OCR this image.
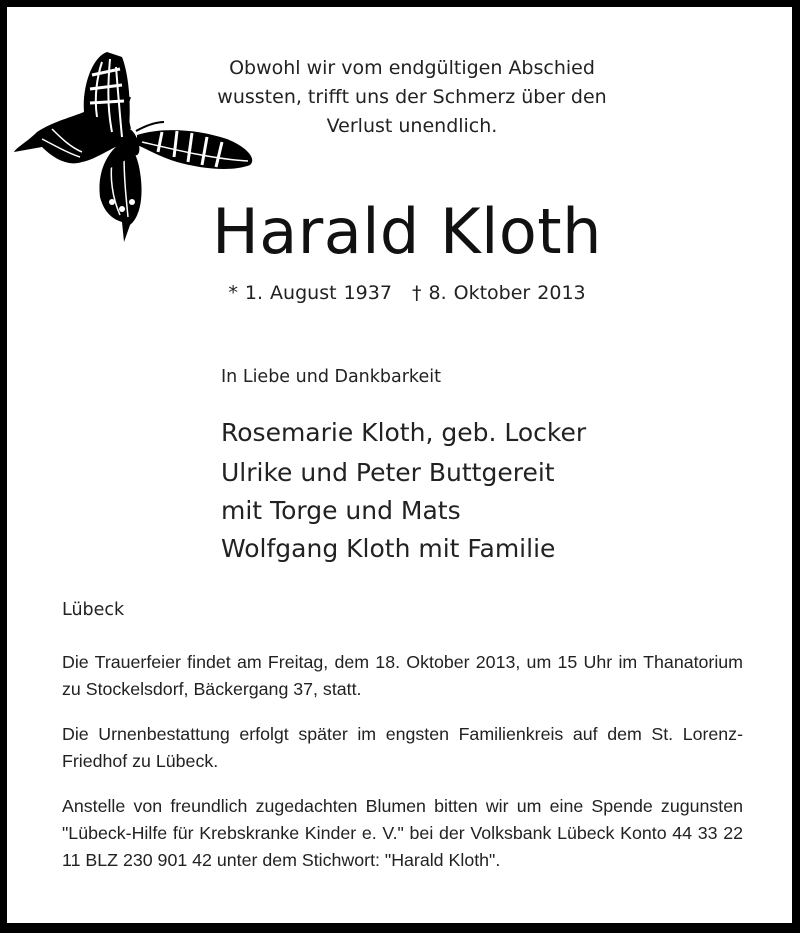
Obwohl wir vom endgültigen Abschied
wussten, trifft uns der Schmerz über den
Verlust unendlich.
Harald Kloth
* 1. August 1937 † 8. Oktober 2013
In Liebe und Dankbarkeit
Rosemarie Kloth, geb. Locker
Ulrike und Peter Buttgereit
mit Torge und Mats
Wolfgang Kloth mit Familie
Lübeck
Die Trauerfeier findet am Freitag, dem 18. Oktober 2013, um 15 Uhr im Thanatorium zu Stockelsdorf, Bäckergang 37, statt.
Die Urnenbestattung erfolgt später im engsten Familienkreis auf dem St. Lorenz-Friedhof zu Lübeck.
Anstelle von freundlich zugedachten Blumen bitten wir um eine Spende zugunsten "Lübeck-Hilfe für Krebskranke Kinder e. V." bei der Volksbank Lübeck Konto 44 33 22 11 BLZ 230 901 42 unter dem Stichwort: "Harald Kloth".
